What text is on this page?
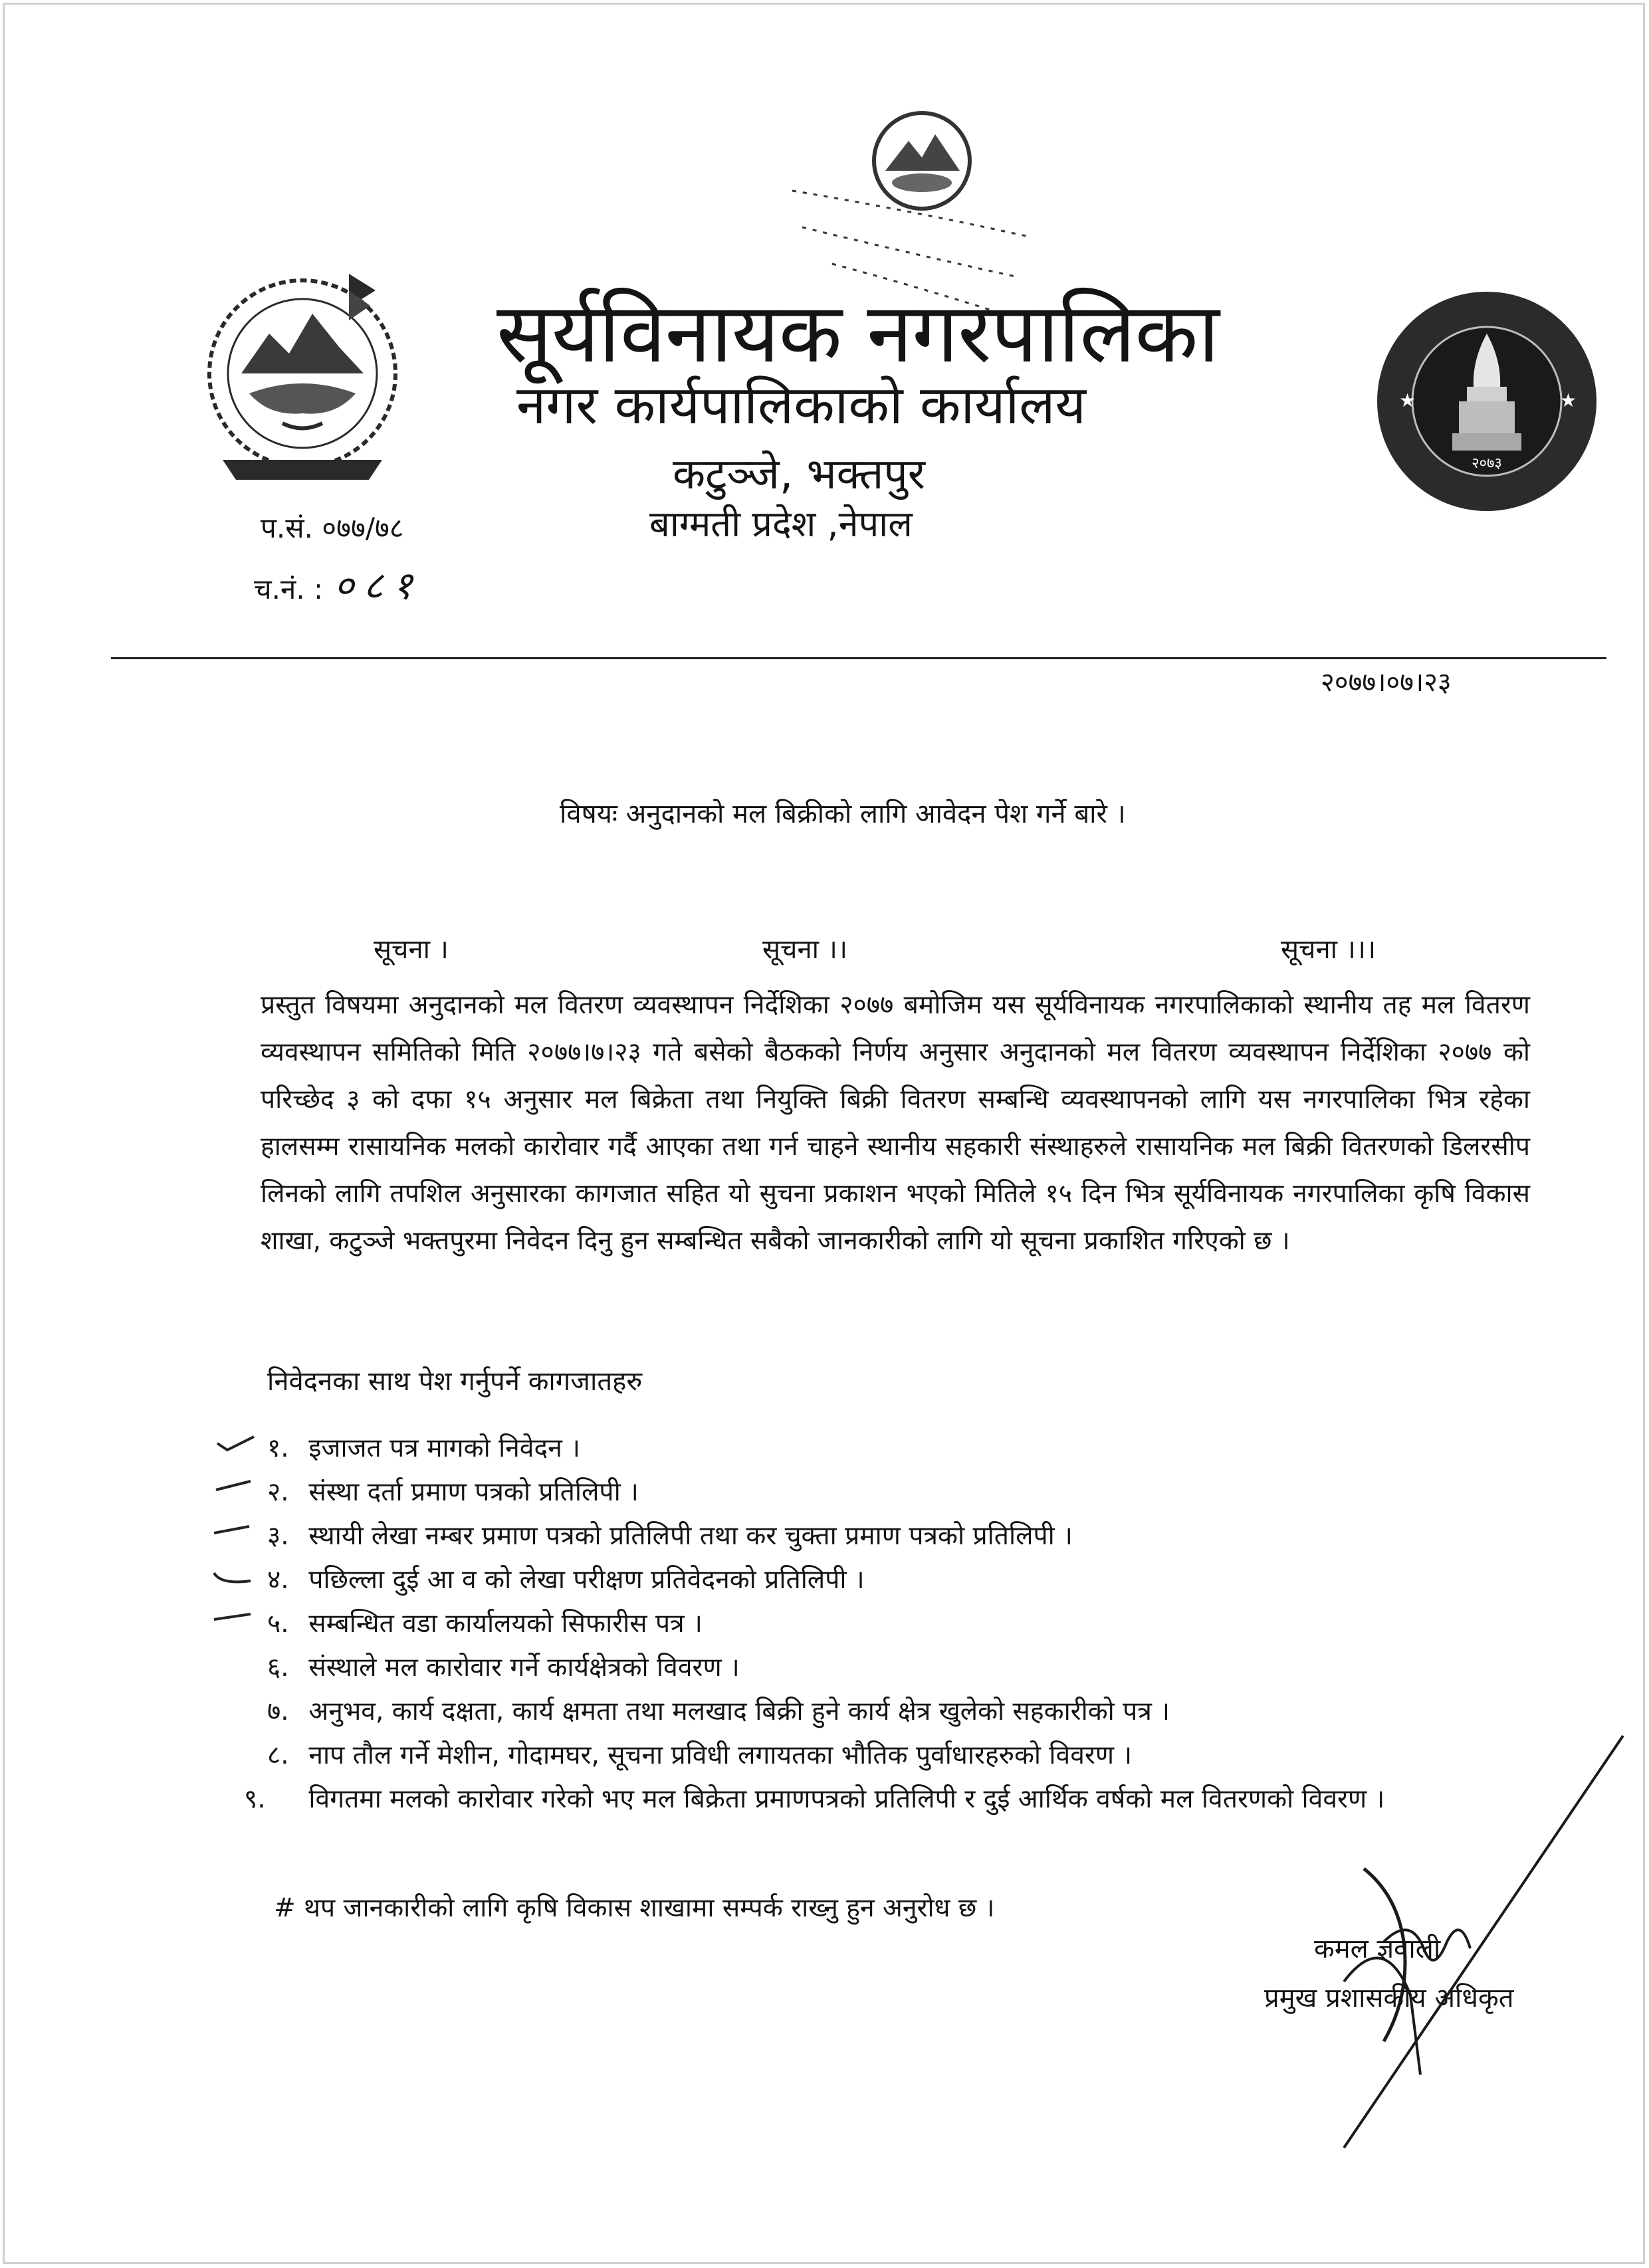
२०७३
★	★
सूर्यविनायक नगरपालिका
नगर कार्यपालिकाको कार्यालय
कटुञ्जे, भक्तपुर
बाग्मती प्रदेश ,नेपाल
प.सं. ०७७/७८
च.नं. : ०८१
२०७७।०७।२३
विषयः अनुदानको मल बिक्रीको लागि आवेदन पेश गर्ने बारे ।
सूचना ।	सूचना ।।	सूचना ।।।
प्रस्तुत विषयमा अनुदानको मल वितरण व्यवस्थापन निर्देशिका २०७७ बमोजिम यस सूर्यविनायक नगरपालिकाको स्थानीय तह मल वितरण व्यवस्थापन समितिको मिति २०७७।७।२३ गते बसेको बैठकको निर्णय अनुसार अनुदानको मल वितरण व्यवस्थापन निर्देशिका २०७७ को परिच्छेद ३ को दफा १५ अनुसार मल बिक्रेता तथा नियुक्ति बिक्री वितरण सम्बन्धि व्यवस्थापनको लागि यस नगरपालिका भित्र रहेका हालसम्म रासायनिक मलको कारोवार गर्दै आएका तथा गर्न चाहने स्थानीय सहकारी संस्थाहरुले रासायनिक मल बिक्री वितरणको डिलरसीप लिनको लागि तपशिल अनुसारका कागजात सहित यो सुचना प्रकाशन भएको मितिले १५ दिन भित्र सूर्यविनायक नगरपालिका कृषि विकास शाखा, कटुञ्जे भक्तपुरमा निवेदन दिनु हुन सम्बन्धित सबैको जानकारीको लागि यो सूचना प्रकाशित गरिएको छ ।
निवेदनका साथ पेश गर्नुपर्ने कागजातहरु
१. इजाजत पत्र मागको निवेदन ।
२. संस्था दर्ता प्रमाण पत्रको प्रतिलिपी ।
३. स्थायी लेखा नम्बर प्रमाण पत्रको प्रतिलिपी तथा कर चुक्ता प्रमाण पत्रको प्रतिलिपी ।
४. पछिल्ला दुई आ व को लेखा परीक्षण प्रतिवेदनको प्रतिलिपी ।
५. सम्बन्धित वडा कार्यालयको सिफारीस पत्र ।
६. संस्थाले मल कारोवार गर्ने कार्यक्षेत्रको विवरण ।
७. अनुभव, कार्य दक्षता, कार्य क्षमता तथा मलखाद बिक्री हुने कार्य क्षेत्र खुलेको सहकारीको पत्र ।
८. नाप तौल गर्ने मेशीन, गोदामघर, सूचना प्रविधी लगायतका भौतिक पुर्वाधारहरुको विवरण ।
९. विगतमा मलको कारोवार गरेको भए मल बिक्रेता प्रमाणपत्रको प्रतिलिपी र दुई आर्थिक वर्षको मल वितरणको विवरण ।
# थप जानकारीको लागि कृषि विकास शाखामा सम्पर्क राख्नु हुन अनुरोध छ ।
कमल ज्ञवाली
प्रमुख प्रशासकीय अधिकृत
